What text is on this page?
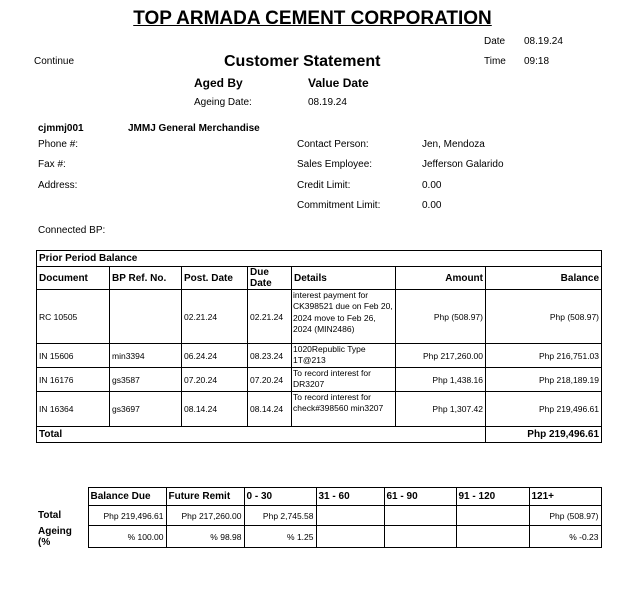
TOP ARMADA CEMENT CORPORATION
Date 08.19.24
Time 09:18
Continue	Customer Statement
Aged By	Value Date
Ageing Date:	08.19.24
cjmmj001	JMMJ General Merchandise
Phone #:
Fax #:
Address:
Contact Person:	Jen, Mendoza
Sales Employee:	Jefferson Galarido
Credit Limit:	0.00
Commitment Limit:	0.00
Connected BP:
Prior Period Balance						
Document	BP Ref. No.	Post. Date	Due Date	Details	Amount	Balance
RC 10505		02.21.24	02.21.24	interest payment for CK398521 due on Feb 20, 2024 move to Feb 26, 2024 (MIN2486)	Php (508.97)	Php (508.97)
IN 15606	min3394	06.24.24	08.23.24	1020Republic Type 1T@213	Php 217,260.00	Php 216,751.03
IN 16176	gs3587	07.20.24	07.20.24	To record interest for DR3207	Php 1,438.16	Php 218,189.19
IN 16364	gs3697	08.14.24	08.14.24	To record interest for check#398560 min3207	Php 1,307.42	Php 219,496.61
Total						Php 219,496.61
	Balance Due	Future Remit	0 - 30	31 - 60	61 - 90	91 - 120	121+
Total	Php 219,496.61	Php 217,260.00	Php 2,745.58				Php (508.97)
Ageing (%	% 100.00	% 98.98	% 1.25				% -0.23
